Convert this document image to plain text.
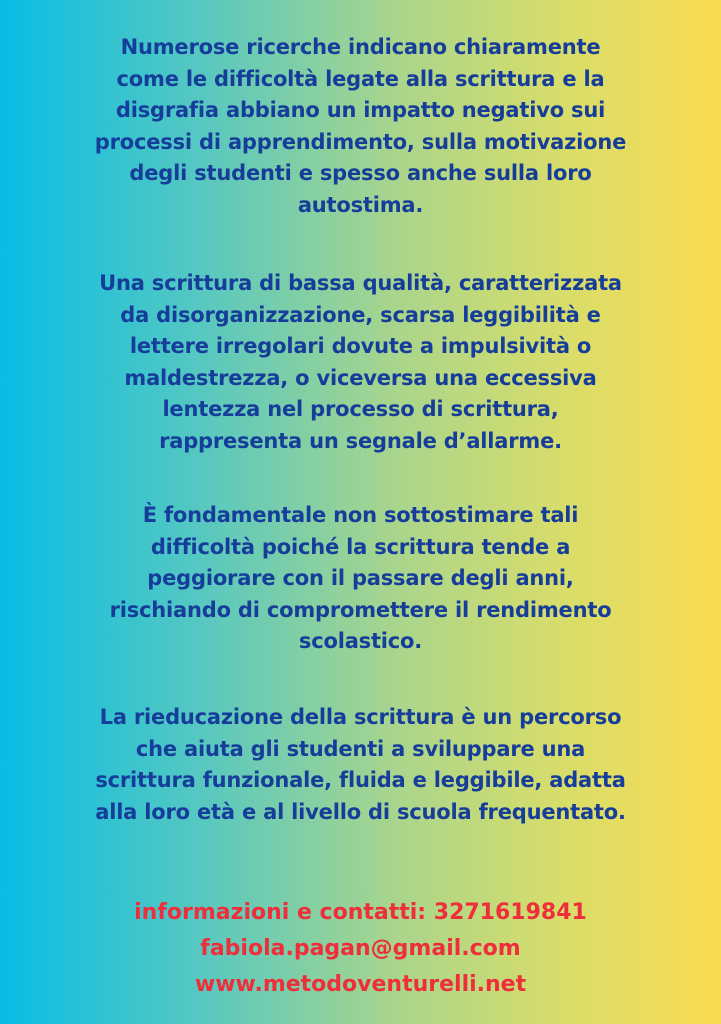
Numerose ricerche indicano chiaramente
come le difficoltà legate alla scrittura e la
disgrafia abbiano un impatto negativo sui
processi di apprendimento, sulla motivazione
degli studenti e spesso anche sulla loro
autostima.

Una scrittura di bassa qualità, caratterizzata
da disorganizzazione, scarsa leggibilità e
lettere irregolari dovute a impulsività o
maldestrezza, o viceversa una eccessiva
lentezza nel processo di scrittura,
rappresenta un segnale d’allarme.

È fondamentale non sottostimare tali
difficoltà poiché la scrittura tende a
peggiorare con il passare degli anni,
rischiando di compromettere il rendimento
scolastico.

La rieducazione della scrittura è un percorso
che aiuta gli studenti a sviluppare una
scrittura funzionale, fluida e leggibile, adatta
alla loro età e al livello di scuola frequentato.

informazioni e contatti: 3271619841
fabiola.pagan@gmail.com
www.metodoventurelli.net
